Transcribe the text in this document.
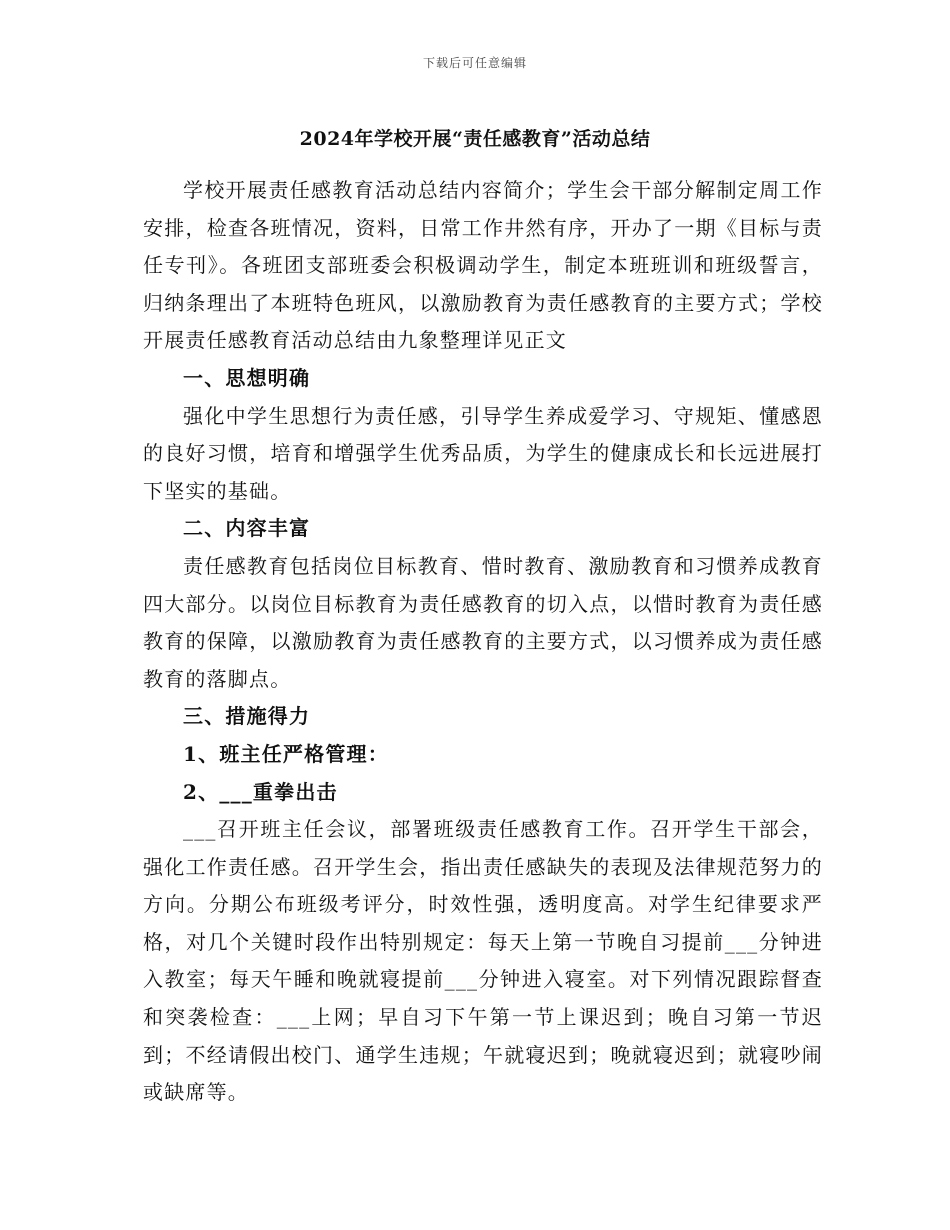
下载后可任意编辑
2024年学校开展“责任感教育”活动总结

学校开展责任感教育活动总结内容简介；学生会干部分解制定周工作安排，检查各班情况，资料，日常工作井然有序，开办了一期《目标与责任专刊》。各班团支部班委会积极调动学生，制定本班班训和班级誓言，归纳条理出了本班特色班风，以激励教育为责任感教育的主要方式；学校开展责任感教育活动总结由九象整理详见正文

一、思想明确

强化中学生思想行为责任感，引导学生养成爱学习、守规矩、懂感恩的良好习惯，培育和增强学生优秀品质，为学生的健康成长和长远进展打下坚实的基础。

二、内容丰富

责任感教育包括岗位目标教育、惜时教育、激励教育和习惯养成教育四大部分。以岗位目标教育为责任感教育的切入点，以惜时教育为责任感教育的保障，以激励教育为责任感教育的主要方式，以习惯养成为责任感教育的落脚点。

三、措施得力

1、班主任严格管理：

2、___重拳出击

___召开班主任会议，部署班级责任感教育工作。召开学生干部会，强化工作责任感。召开学生会，指出责任感缺失的表现及法律规范努力的方向。分期公布班级考评分，时效性强，透明度高。对学生纪律要求严格，对几个关键时段作出特别规定：每天上第一节晚自习提前___分钟进入教室；每天午睡和晚就寝提前___分钟进入寝室。对下列情况跟踪督查和突袭检查：___上网；早自习下午第一节上课迟到；晚自习第一节迟到；不经请假出校门、通学生违规；午就寝迟到；晚就寝迟到；就寝吵闹或缺席等。
